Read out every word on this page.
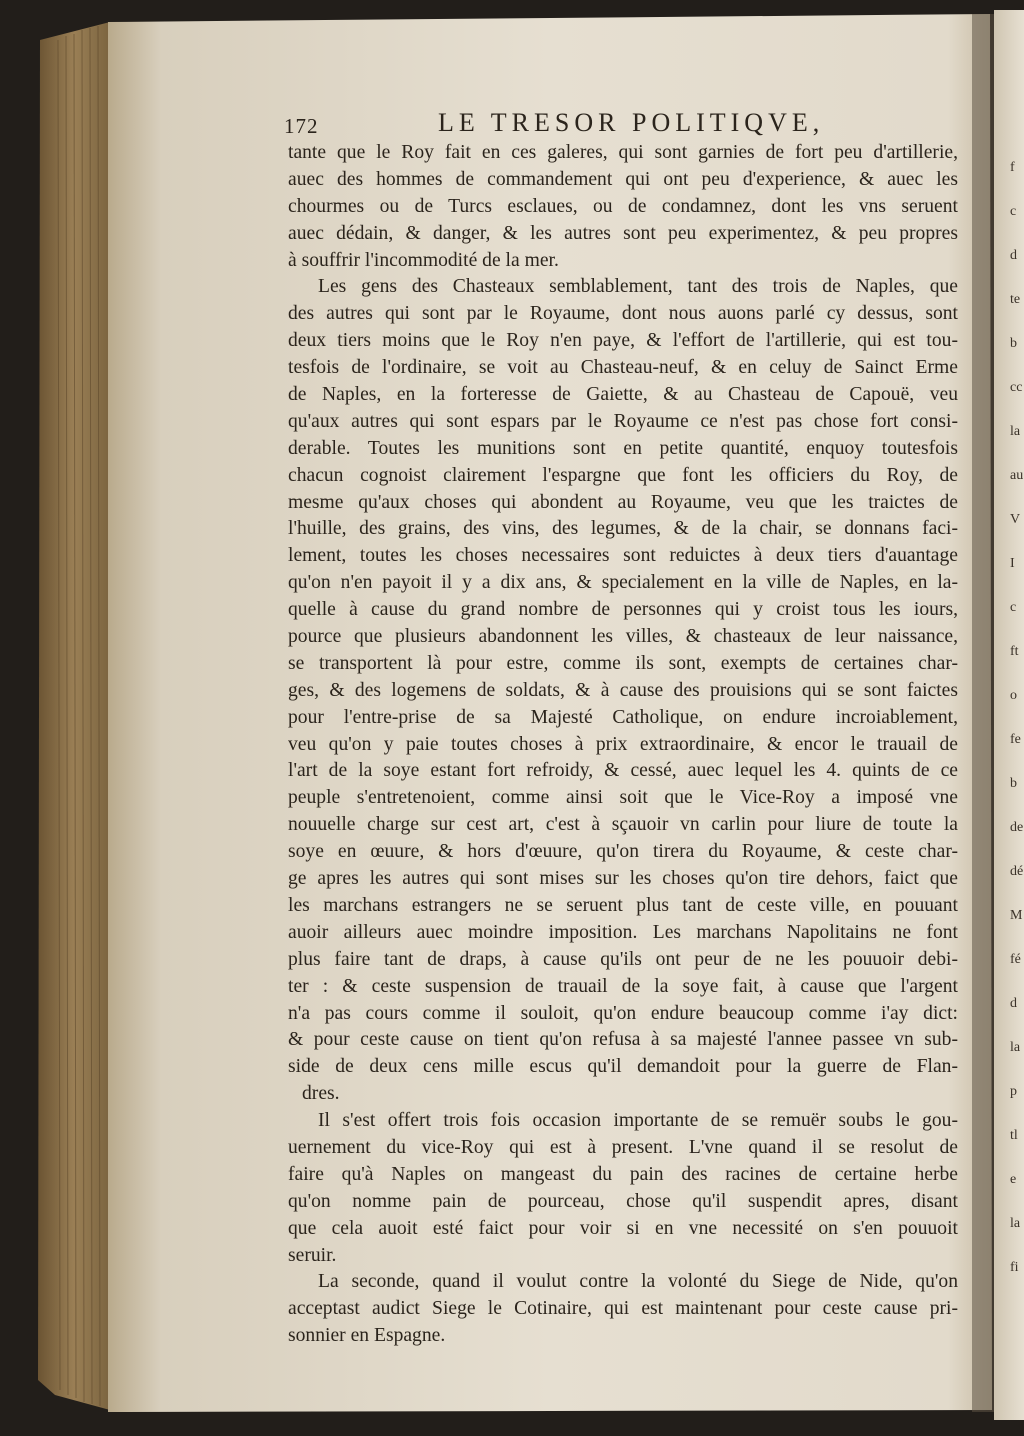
172	LE TRESOR POLITIQVE,
tante que le Roy fait en ces galeres, qui sont garnies de fort peu d'artillerie,
auec des hommes de commandement qui ont peu d'experience, & auec les
chourmes ou de Turcs esclaues, ou de condamnez, dont les vns seruent
auec dédain, & danger, & les autres sont peu experimentez, & peu propres
à souffrir l'incommodité de la mer.
Les gens des Chasteaux semblablement, tant des trois de Naples, que
des autres qui sont par le Royaume, dont nous auons parlé cy dessus, sont
deux tiers moins que le Roy n'en paye, & l'effort de l'artillerie, qui est tou-
tesfois de l'ordinaire, se voit au Chasteau-neuf, & en celuy de Sainct Erme
de Naples, en la forteresse de Gaiette, & au Chasteau de Capouë, veu
qu'aux autres qui sont espars par le Royaume ce n'est pas chose fort consi-
derable. Toutes les munitions sont en petite quantité, enquoy toutesfois
chacun cognoist clairement l'espargne que font les officiers du Roy, de
mesme qu'aux choses qui abondent au Royaume, veu que les traictes de
l'huille, des grains, des vins, des legumes, & de la chair, se donnans faci-
lement, toutes les choses necessaires sont reduictes à deux tiers d'auantage
qu'on n'en payoit il y a dix ans, & specialement en la ville de Naples, en la-
quelle à cause du grand nombre de personnes qui y croist tous les iours,
pource que plusieurs abandonnent les villes, & chasteaux de leur naissance,
se transportent là pour estre, comme ils sont, exempts de certaines char-
ges, & des logemens de soldats, & à cause des prouisions qui se sont faictes
pour l'entre-prise de sa Majesté Catholique, on endure incroiablement,
veu qu'on y paie toutes choses à prix extraordinaire, & encor le trauail de
l'art de la soye estant fort refroidy, & cessé, auec lequel les 4. quints de ce
peuple s'entretenoient, comme ainsi soit que le Vice-Roy a imposé vne
nouuelle charge sur cest art, c'est à sçauoir vn carlin pour liure de toute la
soye en œuure, & hors d'œuure, qu'on tirera du Royaume, & ceste char-
ge apres les autres qui sont mises sur les choses qu'on tire dehors, faict que
les marchans estrangers ne se seruent plus tant de ceste ville, en pouuant
auoir ailleurs auec moindre imposition. Les marchans Napolitains ne font
plus faire tant de draps, à cause qu'ils ont peur de ne les pouuoir debi-
ter : & ceste suspension de trauail de la soye fait, à cause que l'argent
n'a pas cours comme il souloit, qu'on endure beaucoup comme i'ay dict:
& pour ceste cause on tient qu'on refusa à sa majesté l'annee passee vn sub-
side de deux cens mille escus qu'il demandoit pour la guerre de Flan-
dres.
Il s'est offert trois fois occasion importante de se remuër soubs le gou-
uernement du vice-Roy qui est à present. L'vne quand il se resolut de
faire qu'à Naples on mangeast du pain des racines de certaine herbe
qu'on nomme pain de pourceau, chose qu'il suspendit apres, disant
que cela auoit esté faict pour voir si en vne necessité on s'en pouuoit
seruir.
La seconde, quand il voulut contre la volonté du Siege de Nide, qu'on
acceptast audict Siege le Cotinaire, qui est maintenant pour ceste cause pri-
sonnier en Espagne.
f
c
d
te
b
cc
la
au
V
I
c
ft
o
fe
b
de
dé
M
fé
d
la
p
tl
e
la
fi
